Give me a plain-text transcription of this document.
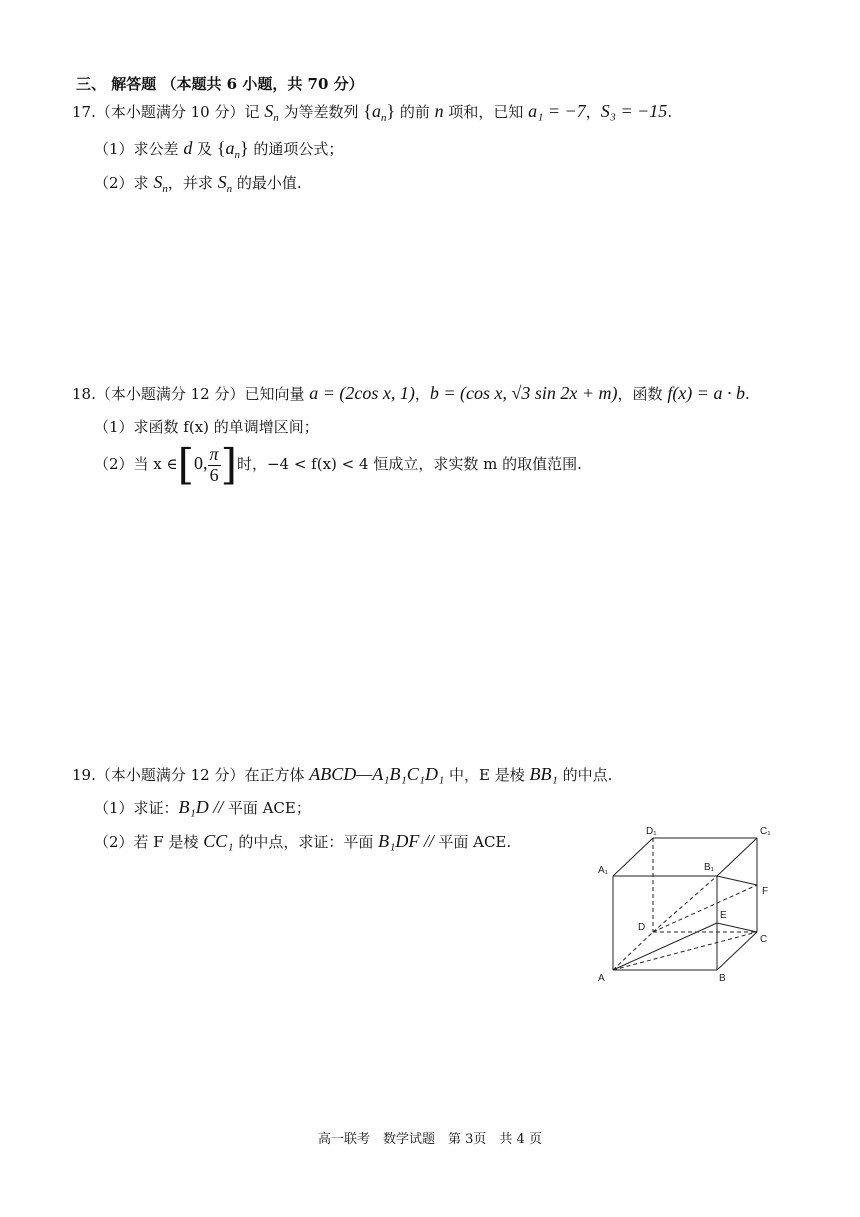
三、 解答题 （本题共 6 小题，共 70 分）
17.（本小题满分 10 分）记 $S_n$ 为等差数列 $\{a_n\}$ 的前 n 项和，已知 a₁ = −7，S₃ = −15.
（1）求公差 d 及 $\{a_n\}$ 的通项公式；
（2）求 $S_n$，并求 $S_n$ 的最小值.
18.（本小题满分 12 分）已知向量 a = (2cos x, 1)，b = (cos x, √3 sin 2x + m)，函数 f(x) = a · b.
（1）求函数 f(x) 的单调增区间；
（2）当 x ∈[0, $\frac{\pi}{6}$ ]时，−4 < f(x) < 4 恒成立，求实数 m 的取值范围.
19.（本小题满分 12 分）在正方体 ABCD—A₁B₁C₁D₁ 中，E 是棱 BB₁ 的中点.
（1）求证：B₁D // 平面 ACE；
（2）若 F 是棱 CC₁ 的中点，求证：平面 B₁DF // 平面 ACE.
A	B
C
D
A₁	B₁
C₁
D₁
E
F
高一联考　数学试题　第 3页　共 4 页
